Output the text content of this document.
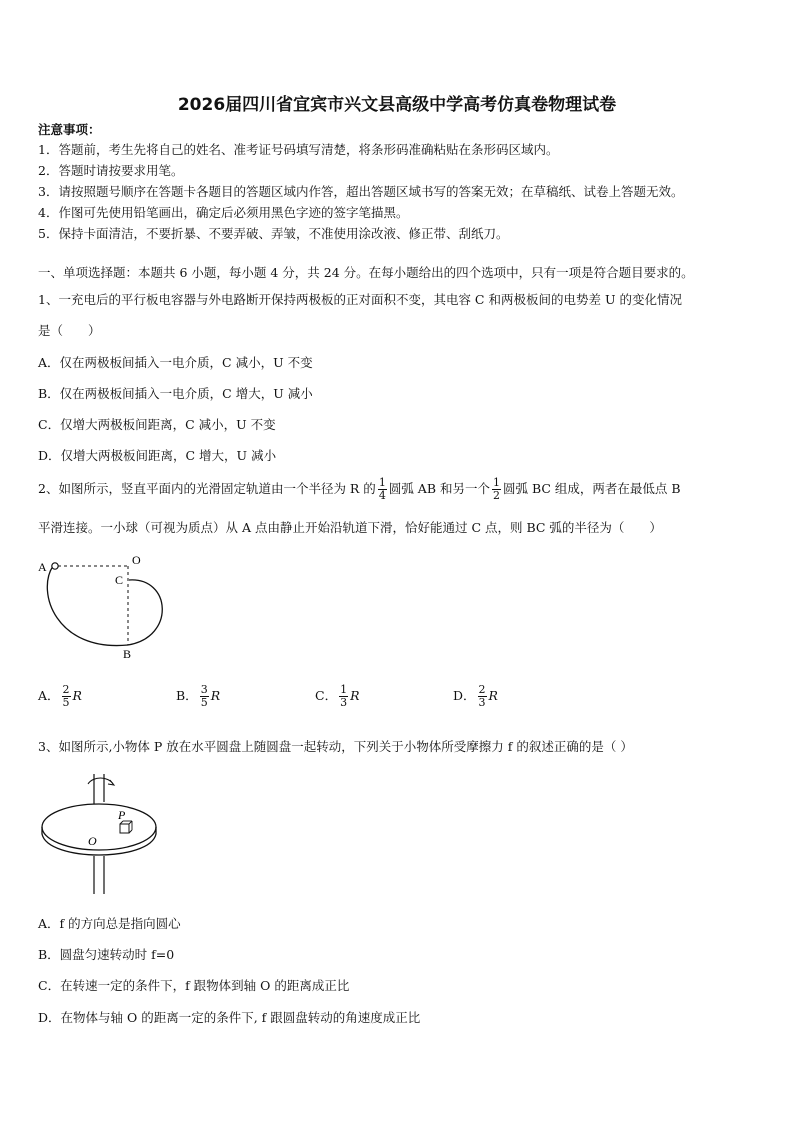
2026届四川省宜宾市兴文县高级中学高考仿真卷物理试卷
注意事项：
1．答题前，考生先将自己的姓名、准考证号码填写清楚，将条形码准确粘贴在条形码区域内。
2．答题时请按要求用笔。
3．请按照题号顺序在答题卡各题目的答题区域内作答，超出答题区域书写的答案无效；在草稿纸、试卷上答题无效。
4．作图可先使用铅笔画出，确定后必须用黑色字迹的签字笔描黑。
5．保持卡面清洁，不要折暴、不要弄破、弄皱，不准使用涂改液、修正带、刮纸刀。
一、单项选择题：本题共 6 小题，每小题 4 分，共 24 分。在每小题给出的四个选项中，只有一项是符合题目要求的。
1、一充电后的平行板电容器与外电路断开保持两极板的正对面积不变，其电容 C 和两极板间的电势差 U 的变化情况
是（　　）
A．仅在两极板间插入一电介质，C 减小，U 不变
B．仅在两极板间插入一电介质，C 增大，U 减小
C．仅增大两极板间距离，C 减小，U 不变
D．仅增大两极板间距离，C 增大，U 减小
2、如图所示，竖直平面内的光滑固定轨道由一个半径为 R 的 $\frac{1}{4}$ 圆弧 AB 和另一个 $\frac{1}{2}$ 圆弧 BC 组成，两者在最低点 B
平滑连接。一小球（可视为质点）从 A 点由静止开始沿轨道下滑，恰好能通过 C 点，则 BC 弧的半径为（　　）
A	O
C
B
A． $\frac{2}{5}$ R	B． $\frac{3}{5}$ R	C． $\frac{1}{3}$ R	D． $\frac{2}{3}$ R
3、如图所示,小物体 P 放在水平圆盘上随圆盘一起转动，下列关于小物体所受摩擦力 f 的叙述正确的是（ ）
P
O
A．f 的方向总是指向圆心
B．圆盘匀速转动时 f=0
C．在转速一定的条件下，f 跟物体到轴 O 的距离成正比
D．在物体与轴 O 的距离一定的条件下, f 跟圆盘转动的角速度成正比
